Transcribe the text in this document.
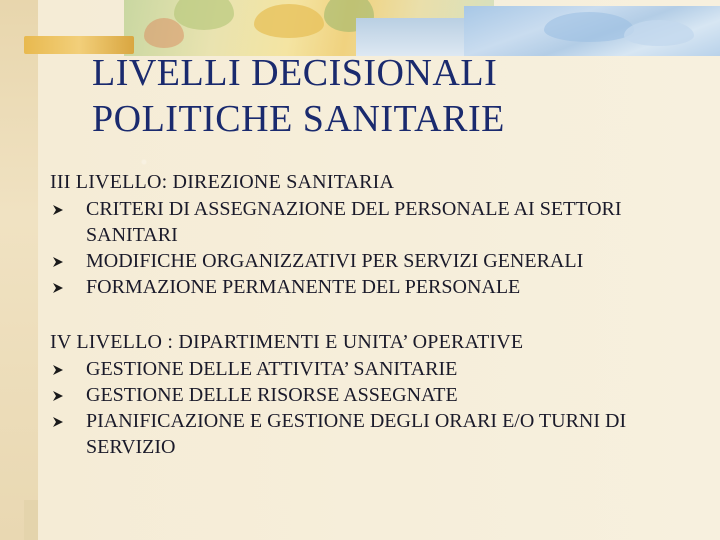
LIVELLI DECISIONALI
POLITICHE SANITARIE
III LIVELLO: DIREZIONE SANITARIA
CRITERI DI ASSEGNAZIONE DEL PERSONALE AI SETTORI SANITARI
MODIFICHE ORGANIZZATIVI PER SERVIZI GENERALI
FORMAZIONE PERMANENTE DEL PERSONALE
IV LIVELLO : DIPARTIMENTI E UNITA’ OPERATIVE
GESTIONE DELLE ATTIVITA’ SANITARIE
GESTIONE DELLE RISORSE ASSEGNATE
PIANIFICAZIONE E GESTIONE DEGLI ORARI E/O TURNI DI SERVIZIO
